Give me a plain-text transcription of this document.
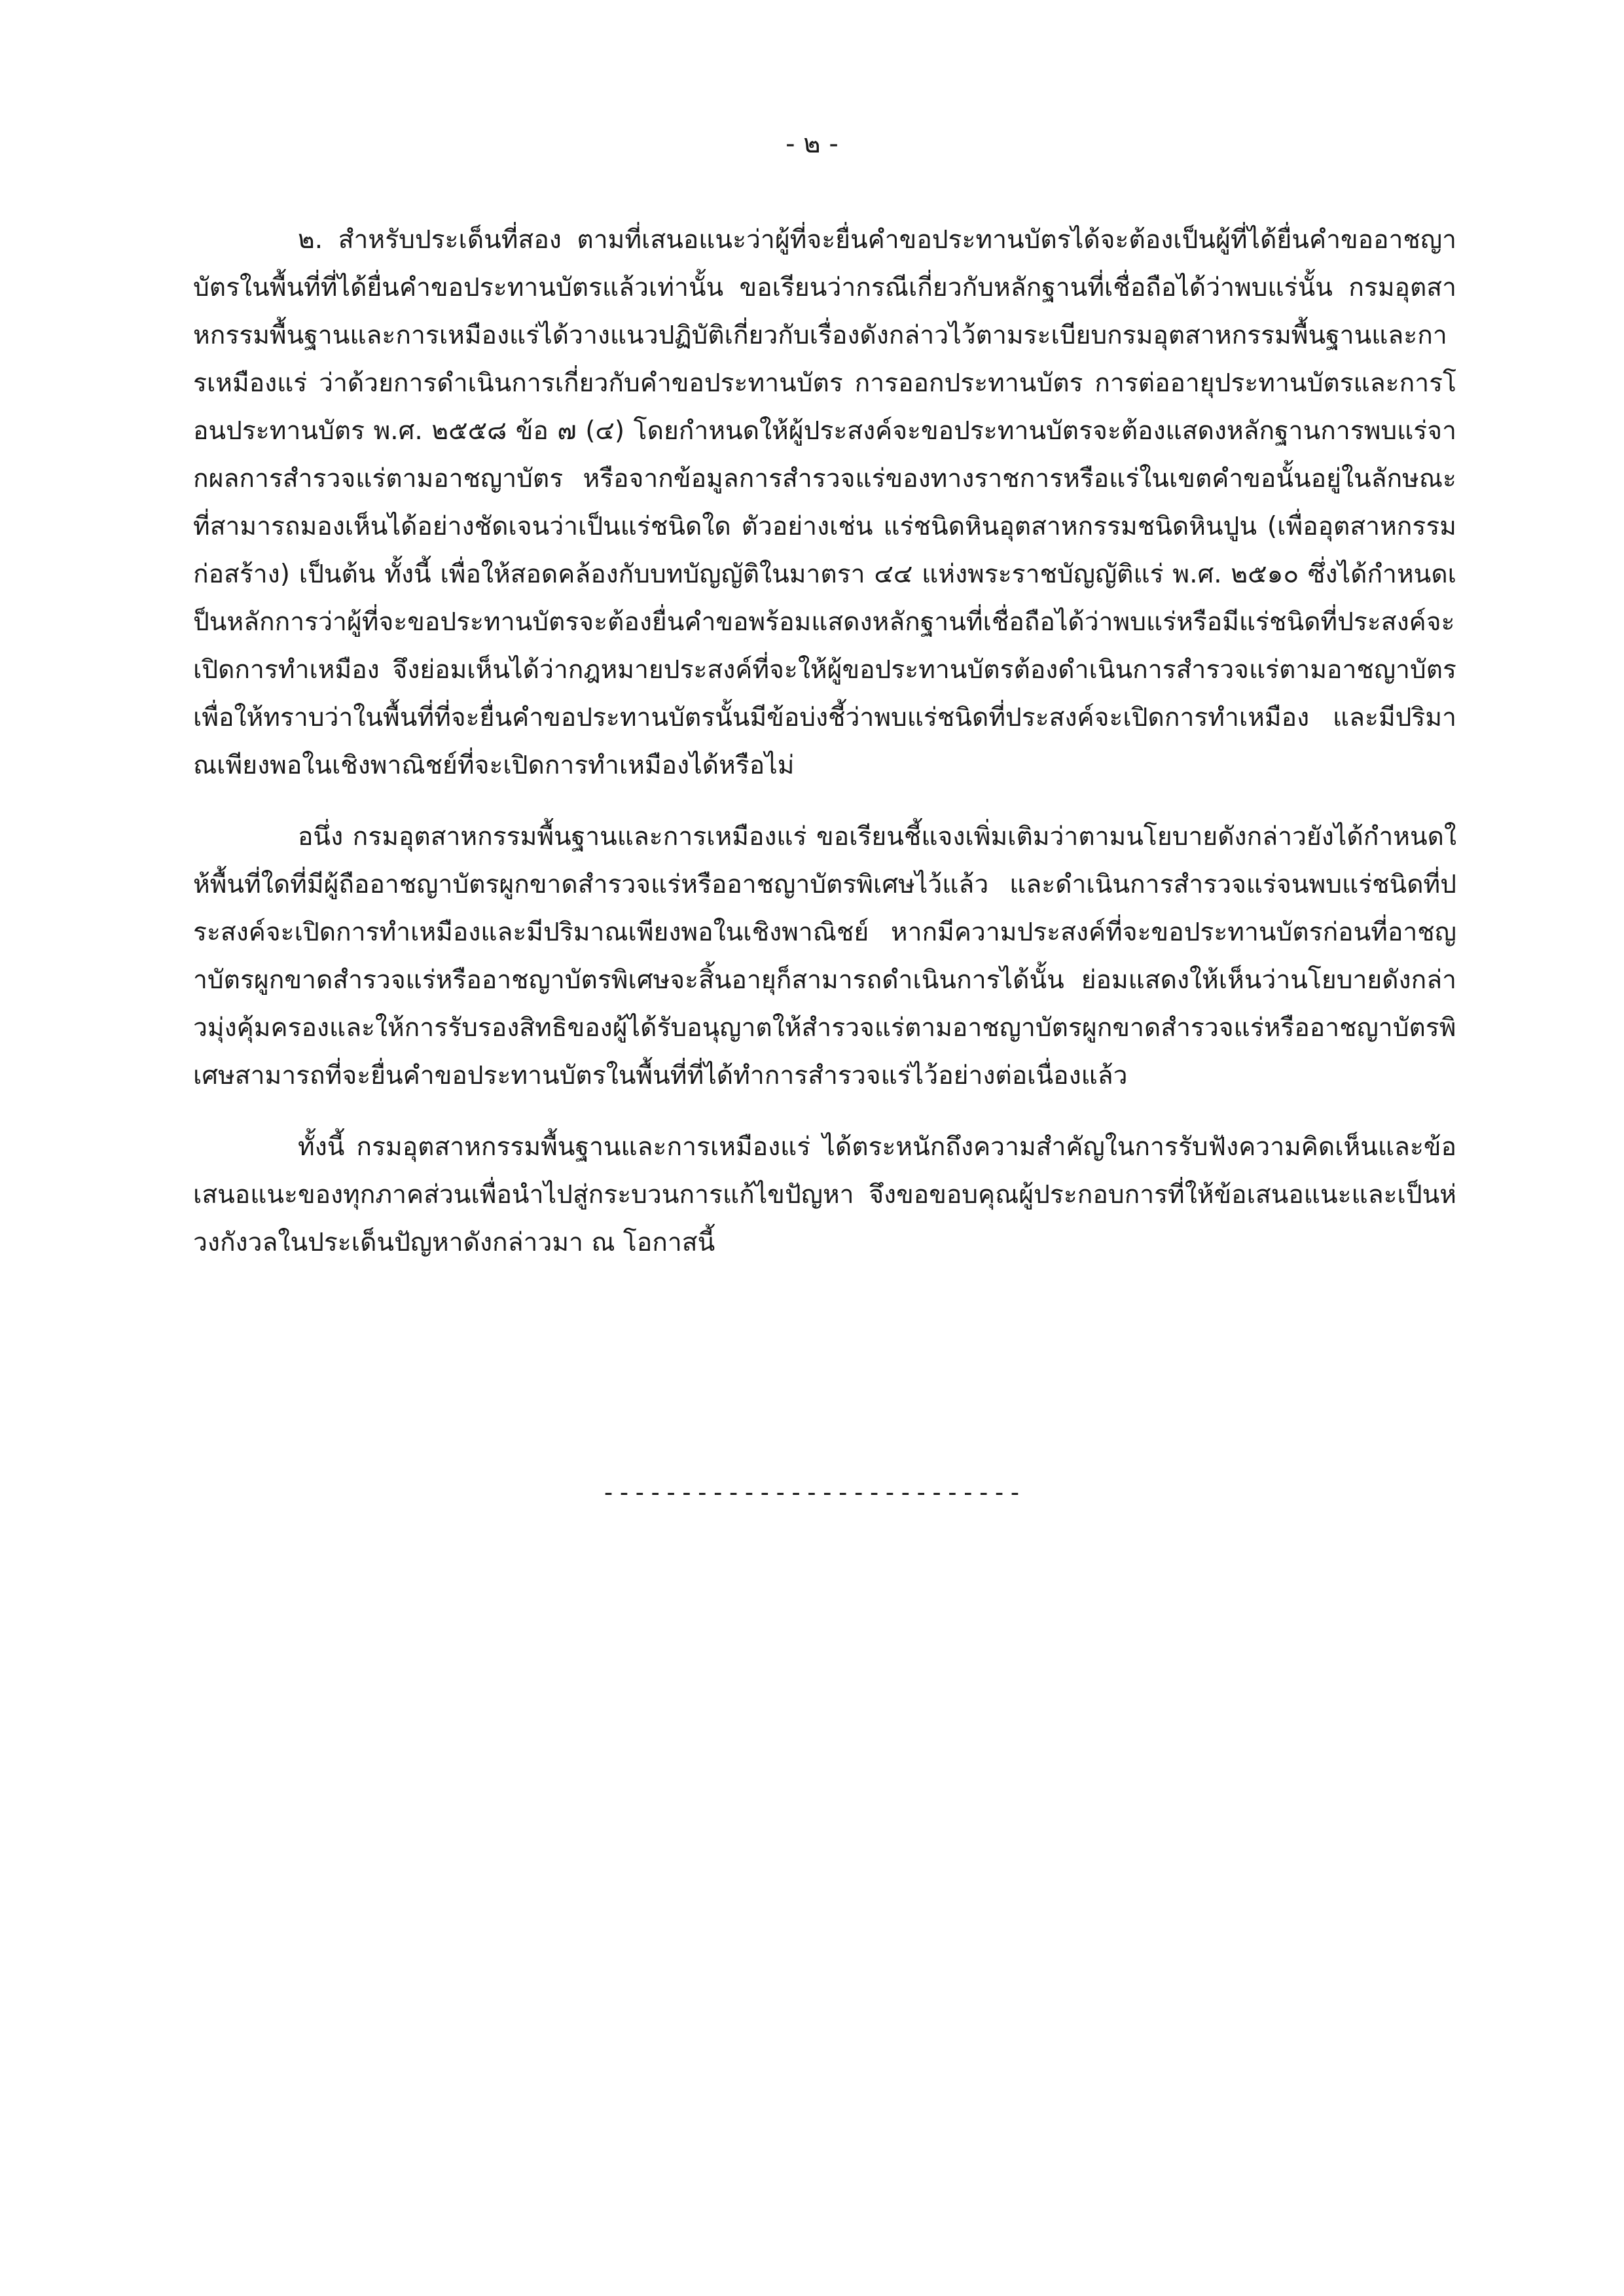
- ๒ -

๒. สำหรับประเด็นที่สอง ตามที่เสนอแนะว่าผู้ที่จะยื่นคำขอประทานบัตรได้จะต้องเป็นผู้ที่ได้ยื่นคำขออาชญาบัตรในพื้นที่ที่ได้ยื่นคำขอประทานบัตรแล้วเท่านั้น ขอเรียนว่ากรณีเกี่ยวกับหลักฐานที่เชื่อถือได้ว่าพบแร่นั้น กรมอุตสาหกรรมพื้นฐานและการเหมืองแร่ได้วางแนวปฏิบัติเกี่ยวกับเรื่องดังกล่าวไว้ตามระเบียบกรมอุตสาหกรรมพื้นฐานและการเหมืองแร่ ว่าด้วยการดำเนินการเกี่ยวกับคำขอประทานบัตร การออกประทานบัตร การต่ออายุประทานบัตรและการโอนประทานบัตร พ.ศ. ๒๕๕๘ ข้อ ๗ (๔) โดยกำหนดให้ผู้ประสงค์จะขอประทานบัตรจะต้องแสดงหลักฐานการพบแร่จากผลการสำรวจแร่ตามอาชญาบัตร หรือจากข้อมูลการสำรวจแร่ของทางราชการหรือแร่ในเขตคำขอนั้นอยู่ในลักษณะที่สามารถมองเห็นได้อย่างชัดเจนว่าเป็นแร่ชนิดใด ตัวอย่างเช่น แร่ชนิดหินอุตสาหกรรมชนิดหินปูน (เพื่ออุตสาหกรรมก่อสร้าง) เป็นต้น ทั้งนี้ เพื่อให้สอดคล้องกับบทบัญญัติในมาตรา ๔๔ แห่งพระราชบัญญัติแร่ พ.ศ. ๒๕๑๐ ซึ่งได้กำหนดเป็นหลักการว่าผู้ที่จะขอประทานบัตรจะต้องยื่นคำขอพร้อมแสดงหลักฐานที่เชื่อถือได้ว่าพบแร่หรือมีแร่ชนิดที่ประสงค์จะเปิดการทำเหมือง จึงย่อมเห็นได้ว่ากฎหมายประสงค์ที่จะให้ผู้ขอประทานบัตรต้องดำเนินการสำรวจแร่ตามอาชญาบัตรเพื่อให้ทราบว่าในพื้นที่ที่จะยื่นคำขอประทานบัตรนั้นมีข้อบ่งชี้ว่าพบแร่ชนิดที่ประสงค์จะเปิดการทำเหมือง และมีปริมาณเพียงพอในเชิงพาณิชย์ที่จะเปิดการทำเหมืองได้หรือไม่

อนึ่ง กรมอุตสาหกรรมพื้นฐานและการเหมืองแร่ ขอเรียนชี้แจงเพิ่มเติมว่าตามนโยบายดังกล่าวยังได้กำหนดให้พื้นที่ใดที่มีผู้ถืออาชญาบัตรผูกขาดสำรวจแร่หรืออาชญาบัตรพิเศษไว้แล้ว และดำเนินการสำรวจแร่จนพบแร่ชนิดที่ประสงค์จะเปิดการทำเหมืองและมีปริมาณเพียงพอในเชิงพาณิชย์ หากมีความประสงค์ที่จะขอประทานบัตรก่อนที่อาชญาบัตรผูกขาดสำรวจแร่หรืออาชญาบัตรพิเศษจะสิ้นอายุก็สามารถดำเนินการได้นั้น ย่อมแสดงให้เห็นว่านโยบายดังกล่าวมุ่งคุ้มครองและให้การรับรองสิทธิของผู้ได้รับอนุญาตให้สำรวจแร่ตามอาชญาบัตรผูกขาดสำรวจแร่หรืออาชญาบัตรพิเศษสามารถที่จะยื่นคำขอประทานบัตรในพื้นที่ที่ได้ทำการสำรวจแร่ไว้อย่างต่อเนื่องแล้ว

ทั้งนี้ กรมอุตสาหกรรมพื้นฐานและการเหมืองแร่ ได้ตระหนักถึงความสำคัญในการรับฟังความคิดเห็นและข้อเสนอแนะของทุกภาคส่วนเพื่อนำไปสู่กระบวนการแก้ไขปัญหา จึงขอขอบคุณผู้ประกอบการที่ให้ข้อเสนอแนะและเป็นห่วงกังวลในประเด็นปัญหาดังกล่าวมา ณ โอกาสนี้

---------------------------
